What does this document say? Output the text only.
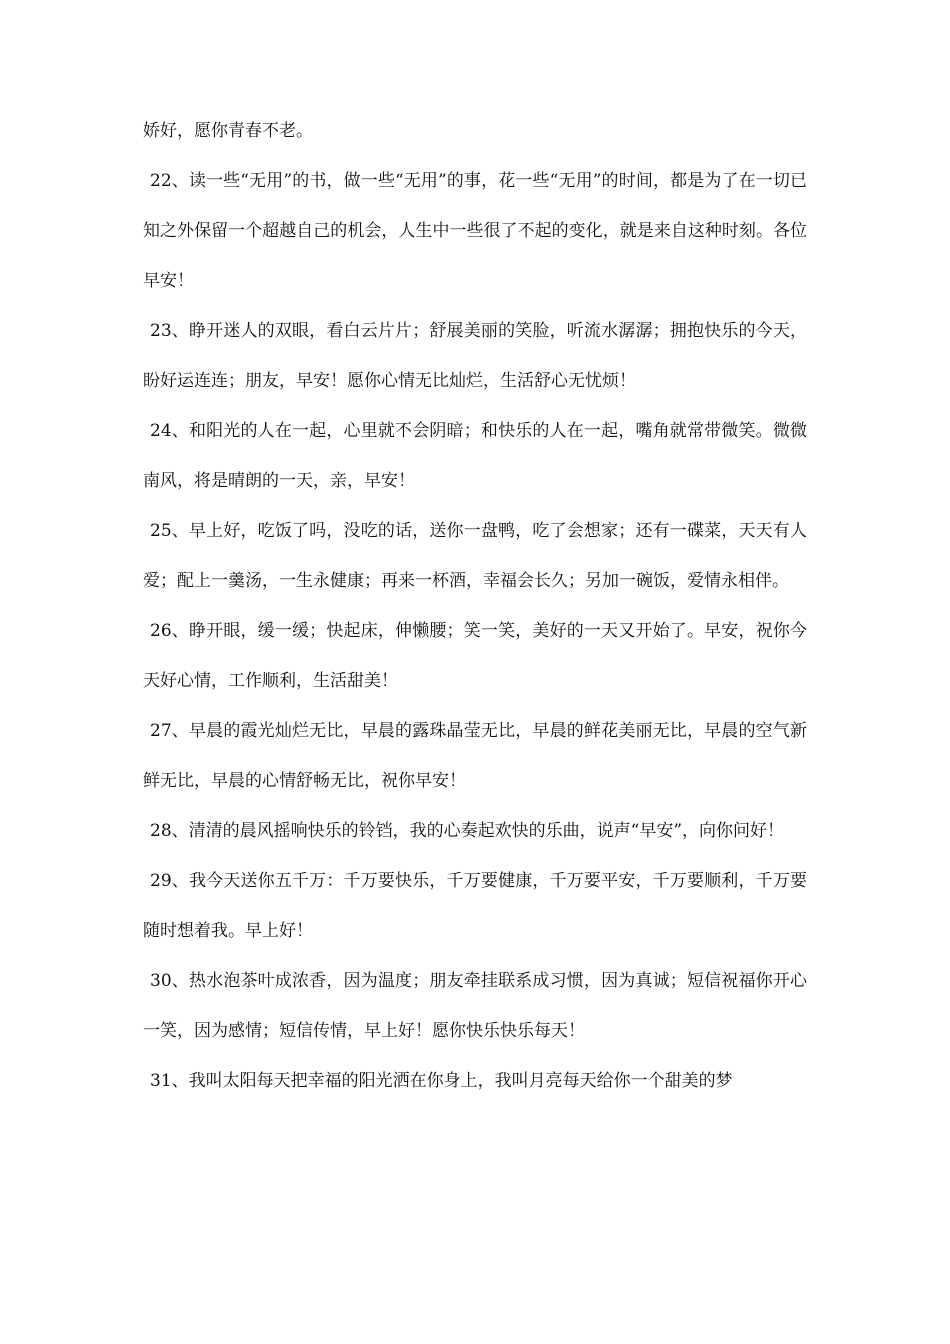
娇好，愿你青春不老。

22、读一些“无用”的书，做一些“无用”的事，花一些“无用”的时间，都是为了在一切已知之外保留一个超越自己的机会，人生中一些很了不起的变化，就是来自这种时刻。各位早安！

23、睁开迷人的双眼，看白云片片；舒展美丽的笑脸，听流水潺潺；拥抱快乐的今天，盼好运连连；朋友，早安！愿你心情无比灿烂，生活舒心无忧烦！

24、和阳光的人在一起，心里就不会阴暗；和快乐的人在一起，嘴角就常带微笑。微微南风，将是晴朗的一天，亲，早安！

25、早上好，吃饭了吗，没吃的话，送你一盘鸭，吃了会想家；还有一碟菜，天天有人爱；配上一羹汤，一生永健康；再来一杯酒，幸福会长久；另加一碗饭，爱情永相伴。

26、睁开眼，缓一缓；快起床，伸懒腰；笑一笑，美好的一天又开始了。早安，祝你今天好心情，工作顺利，生活甜美！

27、早晨的霞光灿烂无比，早晨的露珠晶莹无比，早晨的鲜花美丽无比，早晨的空气新鲜无比，早晨的心情舒畅无比，祝你早安！

28、清清的晨风摇响快乐的铃铛，我的心奏起欢快的乐曲，说声“早安”，向你问好！

29、我今天送你五千万：千万要快乐，千万要健康，千万要平安，千万要顺利，千万要随时想着我。早上好！

30、热水泡茶叶成浓香，因为温度；朋友牵挂联系成习惯，因为真诚；短信祝福你开心一笑，因为感情；短信传情，早上好！愿你快乐快乐每天！

31、我叫太阳每天把幸福的阳光洒在你身上，我叫月亮每天给你一个甜美的梦
